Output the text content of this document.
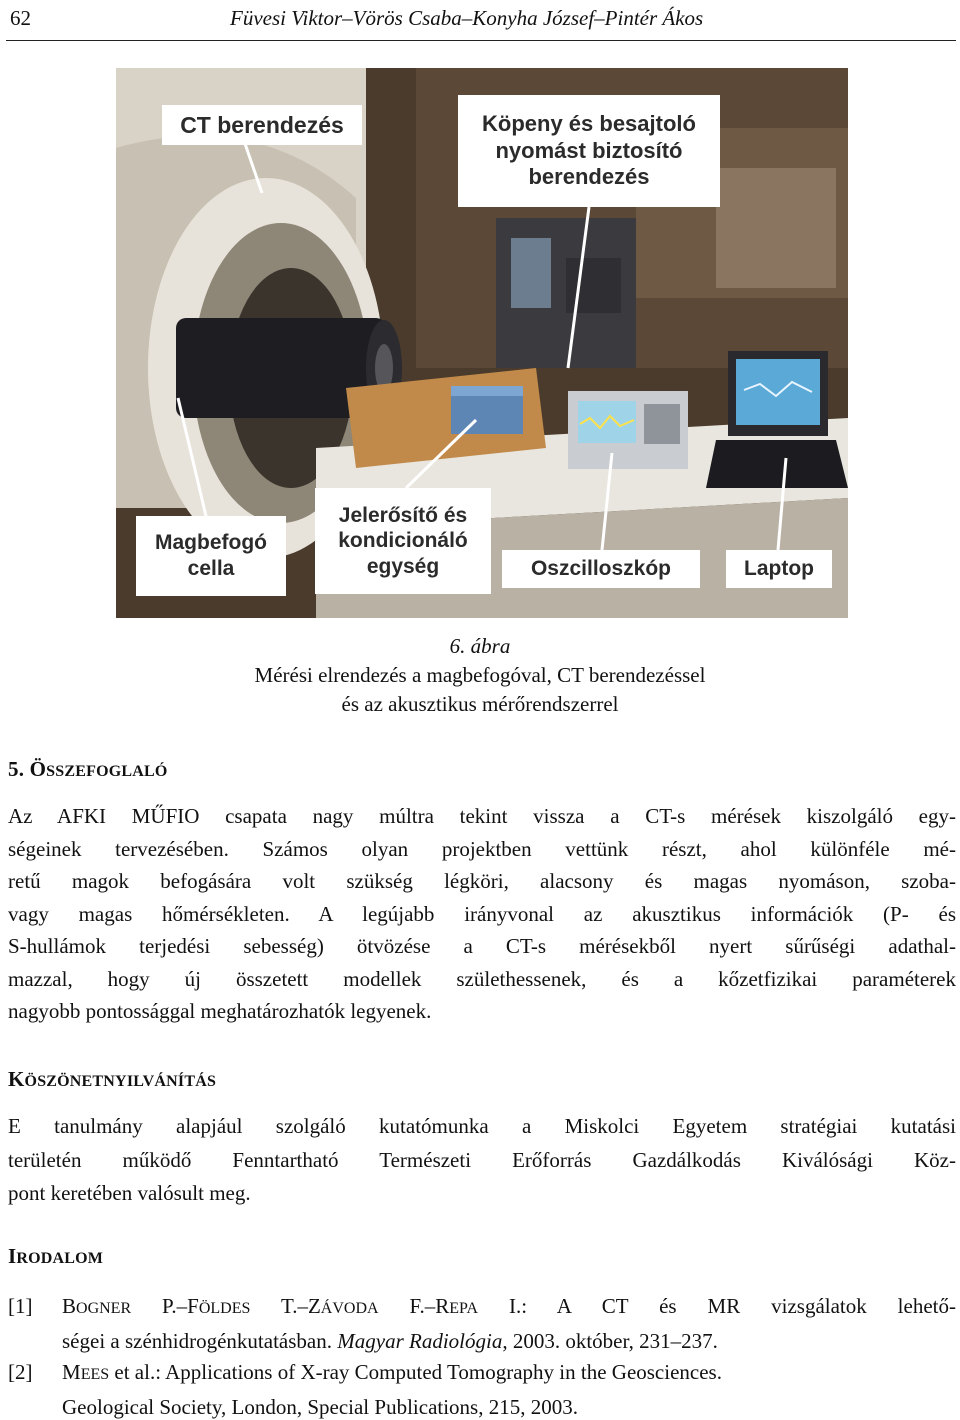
62	Füvesi Viktor–Vörös Csaba–Konyha József–Pintér Ákos
CT berendezés	Köpeny és besajtoló
nyomást biztosító
berendezés
Magbefogó
cella
Jelerősítő és
kondicionáló
egység	Oszcilloszkóp	Laptop
6. ábra
Mérési elrendezés a magbefogóval, CT berendezéssel
és az akusztikus mérőrendszerrel
5. ÖSSZEFOGLALÓ
Az AFKI MŰFIO csapata nagy múltra tekint vissza a CT-s mérések kiszolgáló egy-
ségeinek tervezésében. Számos olyan projektben vettünk részt, ahol különféle mé-
retű magok befogására volt szükség légköri, alacsony és magas nyomáson, szoba-
vagy magas hőmérsékleten. A legújabb irányvonal az akusztikus információk (P- és
S-hullámok terjedési sebesség) ötvözése a CT-s mérésekből nyert sűrűségi adathal-
mazzal, hogy új összetett modellek születhessenek, és a kőzetfizikai paraméterek
nagyobb pontossággal meghatározhatók legyenek.
KÖSZÖNETNYILVÁNÍTÁS
E tanulmány alapjául szolgáló kutatómunka a Miskolci Egyetem stratégiai kutatási
területén működő Fenntartható Természeti Erőforrás Gazdálkodás Kiválósági Köz-
pont keretében valósult meg.
IRODALOM
[1] BOGNER P.–FÖLDES T.–ZÁVODA F.–REPA I.: A CT és MR vizsgálatok lehető-
ségei a szénhidrogénkutatásban. Magyar Radiológia, 2003. október, 231–237.
[2] MEES et al.: Applications of X-ray Computed Tomography in the Geosciences.
Geological Society, London, Special Publications, 215, 2003.
